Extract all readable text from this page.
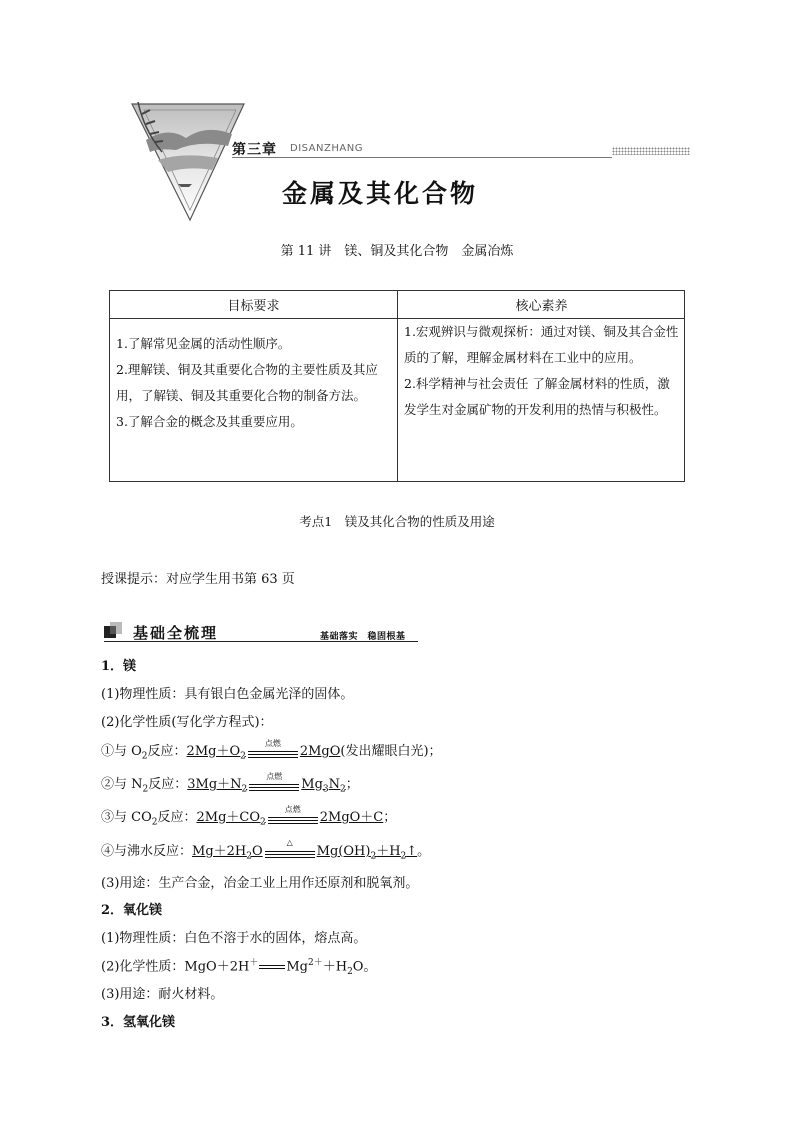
第三章 DISANZHANG
金属及其化合物
第 11 讲　镁、铜及其化合物　金属冶炼
目标要求	核心素养

1.了解常见金属的活动性顺序。

2.理解镁、铜及其重要化合物的主要性质及其应用，了解镁、铜及其重要化合物的制备方法。

3.了解合金的概念及其重要应用。

1.宏观辨识与微观探析：通过对镁、铜及其合金性质的了解，理解金属材料在工业中的应用。

2.科学精神与社会责任 了解金属材料的性质，激发学生对金属矿物的开发利用的热情与积极性。

考点1　镁及其化合物的性质及用途
授课提示：对应学生用书第 63 页
基础全梳理	基础落实　稳固根基
1．镁
(1)物理性质：具有银白色金属光泽的固体。
(2)化学性质(写化学方程式)：
①与 $O_2$反应：$2Mg+O_2$
点燃
2MgO(发出耀眼白光)；
②与 $N_2$反应：$3Mg+N_2$
点燃
$Mg_3N_2$；
③与 $CO_2$反应：$2Mg+CO_2$
点燃
2MgO＋C；
④与沸水反应：$Mg+2H_2O$
△
$Mg(OH)_2+H_2↑$。
(3)用途：生产合金，冶金工业上用作还原剂和脱氧剂。
2．氧化镁
(1)物理性质：白色不溶于水的固体，熔点高。
(2)化学性质：MgO＋2H＋ $Mg^{2+}+H_2O$。
(3)用途：耐火材料。
3．氢氧化镁
